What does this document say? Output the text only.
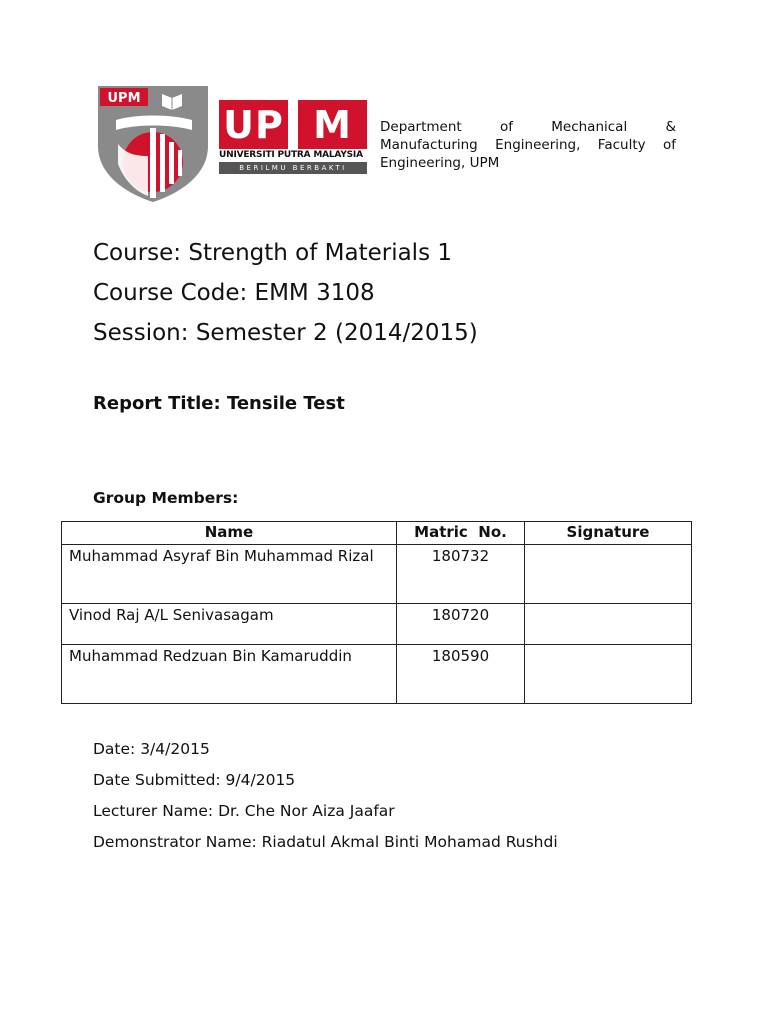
UPM
UP M
UNIVERSITI PUTRA MALAYSIA
BERILMU BERBAKTI
Department of Mechanical & Manufacturing Engineering, Faculty of Engineering, UPM
Course: Strength of Materials 1
Course Code: EMM 3108
Session: Semester 2 (2014/2015)
Report Title: Tensile Test
Group Members:
Name	Matric  No.	Signature
Muhammad Asyraf Bin Muhammad Rizal	180732	
Vinod Raj A/L Senivasagam	180720	
Muhammad Redzuan Bin Kamaruddin	180590	
Date: 3/4/2015
Date Submitted: 9/4/2015
Lecturer Name: Dr. Che Nor Aiza Jaafar
Demonstrator Name: Riadatul Akmal Binti Mohamad Rushdi
